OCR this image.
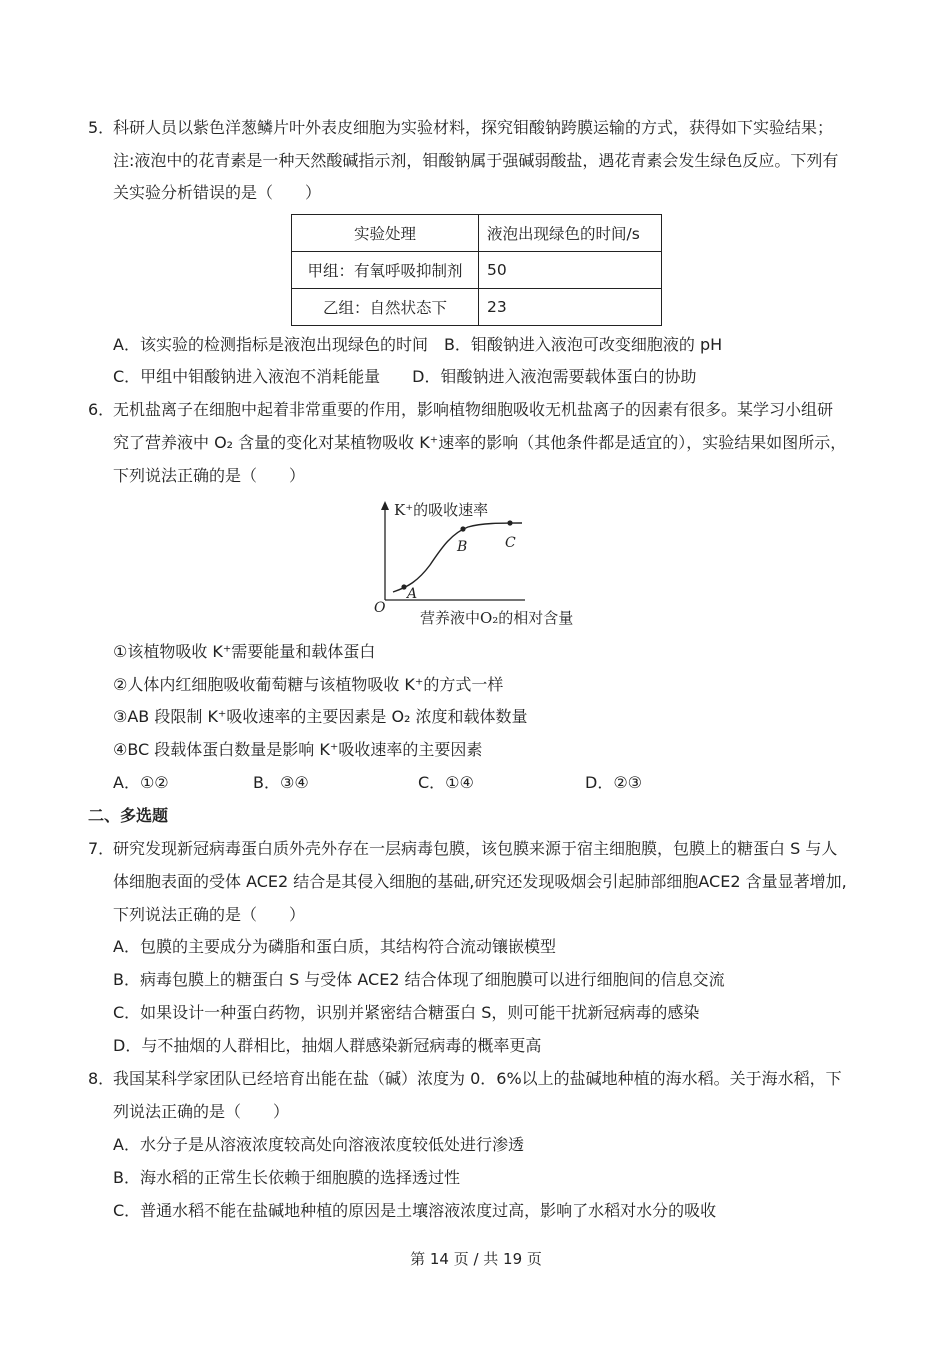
5．
科研人员以紫色洋葱鳞片叶外表皮细胞为实验材料，探究钼酸钠跨膜运输的方式，获得如下实验结果；
注:液泡中的花青素是一种天然酸碱指示剂，钼酸钠属于强碱弱酸盐，遇花青素会发生绿色反应。下列有
关实验分析错误的是（　　）
实验处理	液泡出现绿色的时间/s
甲组：有氧呼吸抑制剂	50
乙组：自然状态下	23
A．该实验的检测指标是液泡出现绿色的时间　B．钼酸钠进入液泡可改变细胞液的 pH
C．甲组中钼酸钠进入液泡不消耗能量　　D．钼酸钠进入液泡需要载体蛋白的协助
6．
无机盐离子在细胞中起着非常重要的作用，影响植物细胞吸收无机盐离子的因素有很多。某学习小组研
究了营养液中 O₂ 含量的变化对某植物吸收 K⁺速率的影响（其他条件都是适宜的），实验结果如图所示，
下列说法正确的是（　　）
K⁺的吸收速率
营养液中O₂的相对含量
O
A
B	C
①该植物吸收 K⁺需要能量和载体蛋白
②人体内红细胞吸收葡萄糖与该植物吸收 K⁺的方式一样
③AB 段限制 K⁺吸收速率的主要因素是 O₂ 浓度和载体数量
④BC 段载体蛋白数量是影响 K⁺吸收速率的主要因素
A．①②	B．③④	C．①④	D．②③
二、多选题
7．
研究发现新冠病毒蛋白质外壳外存在一层病毒包膜，该包膜来源于宿主细胞膜，包膜上的糖蛋白 S 与人
体细胞表面的受体 ACE2 结合是其侵入细胞的基础,研究还发现吸烟会引起肺部细胞ACE2 含量显著增加,
下列说法正确的是（　　）
A．包膜的主要成分为磷脂和蛋白质，其结构符合流动镶嵌模型
B．病毒包膜上的糖蛋白 S 与受体 ACE2 结合体现了细胞膜可以进行细胞间的信息交流
C．如果设计一种蛋白药物，识别并紧密结合糖蛋白 S，则可能干扰新冠病毒的感染
D．与不抽烟的人群相比，抽烟人群感染新冠病毒的概率更高
8．
我国某科学家团队已经培育出能在盐（碱）浓度为 0．6%以上的盐碱地种植的海水稻。关于海水稻，下
列说法正确的是（　　）
A．水分子是从溶液浓度较高处向溶液浓度较低处进行渗透
B．海水稻的正常生长依赖于细胞膜的选择透过性
C．普通水稻不能在盐碱地种植的原因是土壤溶液浓度过高，影响了水稻对水分的吸收
第 14 页 / 共 19 页
